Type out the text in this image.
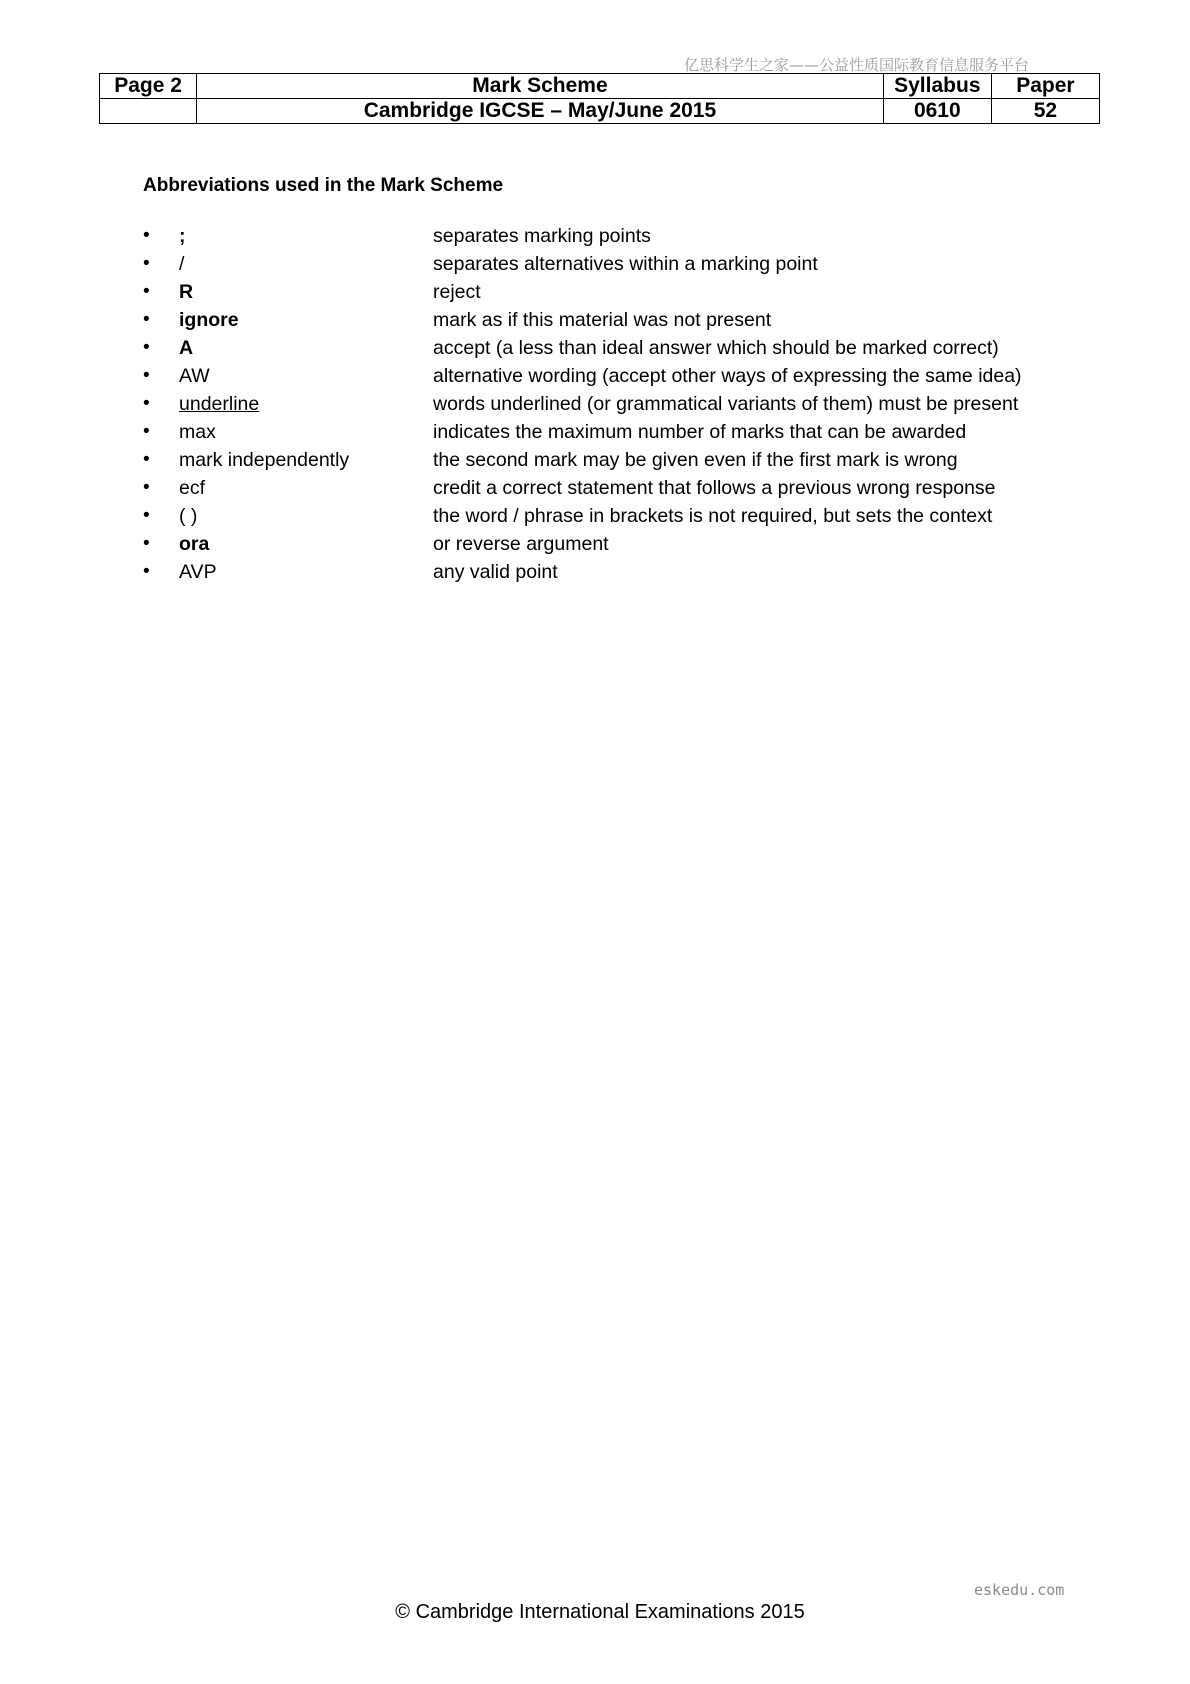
亿思科学生之家——公益性质国际教育信息服务平台
Page 2	Mark Scheme	Syllabus	Paper
	Cambridge IGCSE – May/June 2015	0610	52
Abbreviations used in the Mark Scheme
• ;	separates marking points
• /	separates alternatives within a marking point
• R	reject
• ignore	mark as if this material was not present
• A	accept (a less than ideal answer which should be marked correct)
• AW	alternative wording (accept other ways of expressing the same idea)
• underline	words underlined (or grammatical variants of them) must be present
• max	indicates the maximum number of marks that can be awarded
• mark independently	the second mark may be given even if the first mark is wrong
• ecf	credit a correct statement that follows a previous wrong response
• ( )	the word / phrase in brackets is not required, but sets the context
• ora	or reverse argument
• AVP	any valid point
eskedu.com
© Cambridge International Examinations 2015
